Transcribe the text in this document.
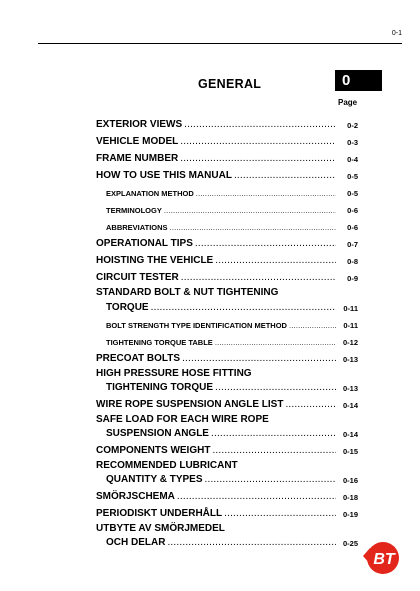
0-1
GENERAL	0
Page
EXTERIOR VIEWS .....	0-2
VEHICLE MODEL .....	0-3
FRAME NUMBER .....	0-4
HOW TO USE THIS MANUAL .....	0-5
EXPLANATION METHOD .....	0-5
TERMINOLOGY .....	0-6
ABBREVIATIONS .....	0-6
OPERATIONAL TIPS .....	0-7
HOISTING THE VEHICLE .....	0-8
CIRCUIT TESTER .....	0-9
STANDARD BOLT & NUT TIGHTENING
TORQUE .....	0-11
BOLT STRENGTH TYPE IDENTIFICATION METHOD .....	0-11
TIGHTENING TORQUE TABLE .....	0-12
PRECOAT BOLTS .....	0-13
HIGH PRESSURE HOSE FITTING
TIGHTENING TORQUE .....	0-13
WIRE ROPE SUSPENSION ANGLE LIST .....	0-14
SAFE LOAD FOR EACH WIRE ROPE
SUSPENSION ANGLE .....	0-14
COMPONENTS WEIGHT .....	0-15
RECOMMENDED LUBRICANT
QUANTITY & TYPES .....	0-16
SMÖRJSCHEMA .....	0-18
PERIODISKT UNDERHÅLL .....	0-19
UTBYTE AV SMÖRJMEDEL
OCH DELAR .....	0-25
BT
